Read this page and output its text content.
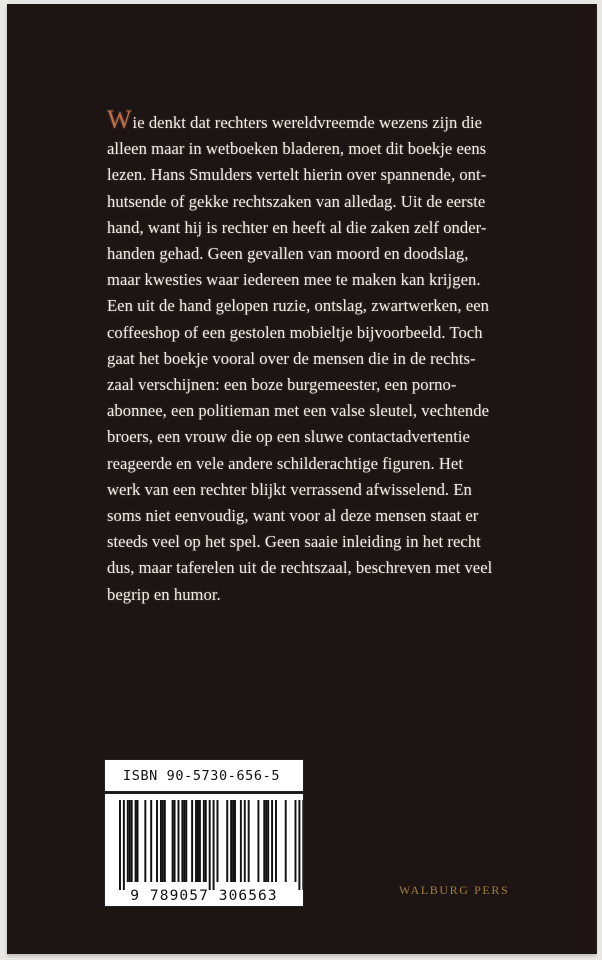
Wie denkt dat rechters wereldvreemde wezens zijn die
alleen maar in wetboeken bladeren, moet dit boekje eens
lezen. Hans Smulders vertelt hierin over spannende, ont-
hutsende of gekke rechtszaken van alledag. Uit de eerste
hand, want hij is rechter en heeft al die zaken zelf onder-
handen gehad. Geen gevallen van moord en doodslag,
maar kwesties waar iedereen mee te maken kan krijgen.
Een uit de hand gelopen ruzie, ontslag, zwartwerken, een
coffeeshop of een gestolen mobieltje bijvoorbeeld. Toch
gaat het boekje vooral over de mensen die in de rechts-
zaal verschijnen: een boze burgemeester, een porno-
abonnee, een politieman met een valse sleutel, vechtende
broers, een vrouw die op een sluwe contactadvertentie
reageerde en vele andere schilderachtige figuren. Het
werk van een rechter blijkt verrassend afwisselend. En
soms niet eenvoudig, want voor al deze mensen staat er
steeds veel op het spel. Geen saaie inleiding in het recht
dus, maar taferelen uit de rechtszaal, beschreven met veel
begrip en humor.
ISBN 90-5730-656-5
9 789057 306563	WALBURG PERS
